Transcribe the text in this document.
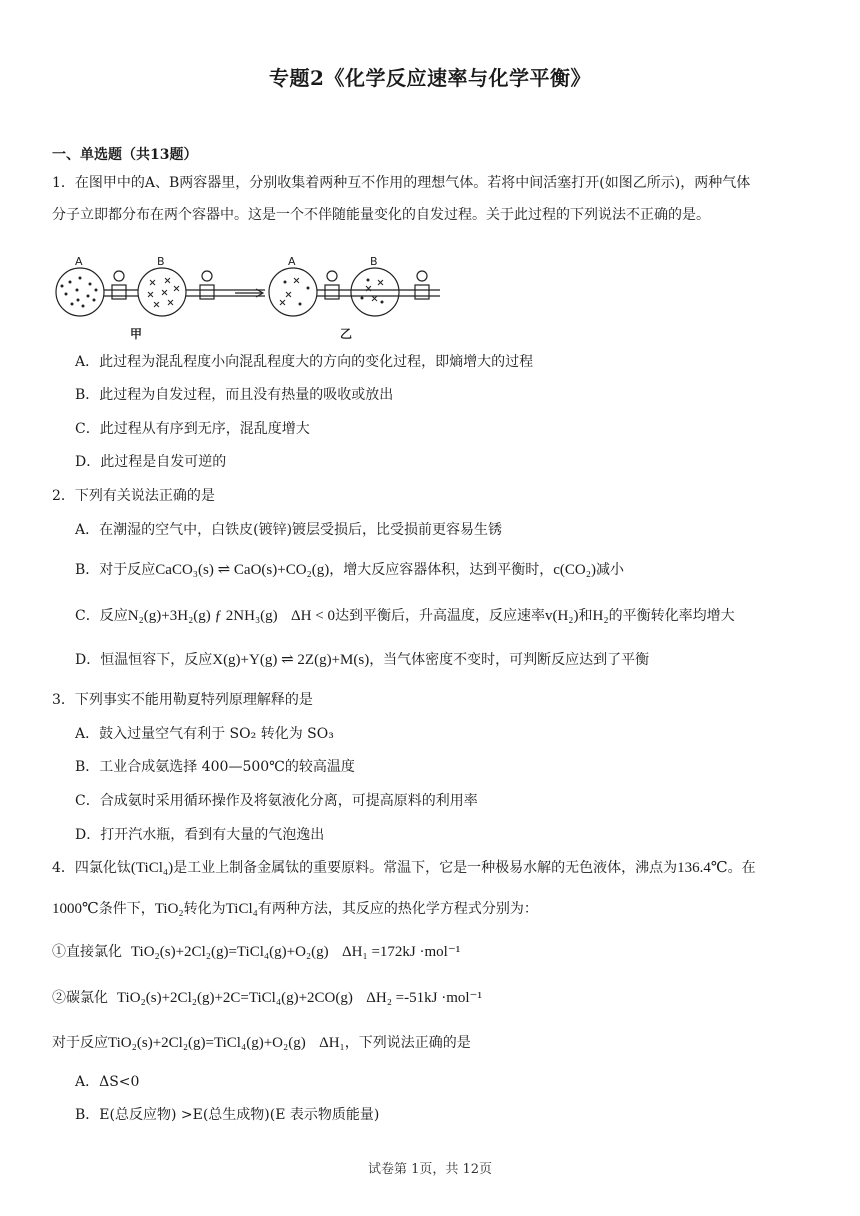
专题2《化学反应速率与化学平衡》
一、单选题（共13题）
1．在图甲中的A、B两容器里，分别收集着两种互不作用的理想气体。若将中间活塞打开(如图乙所示)，两种气体
分子立即都分布在两个容器中。这是一个不伴随能量变化的自发过程。关于此过程的下列说法不正确的是。
A	B	A	B
甲	乙
A．此过程为混乱程度小向混乱程度大的方向的变化过程，即熵增大的过程
B．此过程为自发过程，而且没有热量的吸收或放出
C．此过程从有序到无序，混乱度增大
D．此过程是自发可逆的
2．下列有关说法正确的是
A．在潮湿的空气中，白铁皮(镀锌)镀层受损后，比受损前更容易生锈
B．对于反应CaCO₃(s) ⇌ CaO(s)+CO₂(g)，增大反应容器体积，达到平衡时，c(CO₂)减小
C．反应N₂(g)+3H₂(g) ƒ 2NH₃(g) ΔH < 0达到平衡后，升高温度，反应速率v(H₂)和H₂的平衡转化率均增大
D．恒温恒容下，反应X(g)+Y(g) ⇌ 2Z(g)+M(s)，当气体密度不变时，可判断反应达到了平衡
3．下列事实不能用勒夏特列原理解释的是
A．鼓入过量空气有利于 SO₂ 转化为 SO₃
B．工业合成氨选择 400—500℃的较高温度
C．合成氨时采用循环操作及将氨液化分离，可提高原料的利用率
D．打开汽水瓶，看到有大量的气泡逸出
4．四氯化钛(TiCl₄)是工业上制备金属钛的重要原料。常温下，它是一种极易水解的无色液体，沸点为136.4℃。在
1000℃条件下，TiO₂转化为TiCl₄有两种方法，其反应的热化学方程式分别为：
①直接氯化 TiO₂(s)+2Cl₂(g)=TiCl₄(g)+O₂(g) ΔH₁ =172kJ ·mol⁻¹
②碳氯化 TiO₂(s)+2Cl₂(g)+2C=TiCl₄(g)+2CO(g) ΔH₂ =-51kJ ·mol⁻¹
对于反应TiO₂(s)+2Cl₂(g)=TiCl₄(g)+O₂(g) ΔH₁，下列说法正确的是
A．ΔS<0
B．E(总反应物) >E(总生成物)(E 表示物质能量)
试卷第 1页，共 12页
